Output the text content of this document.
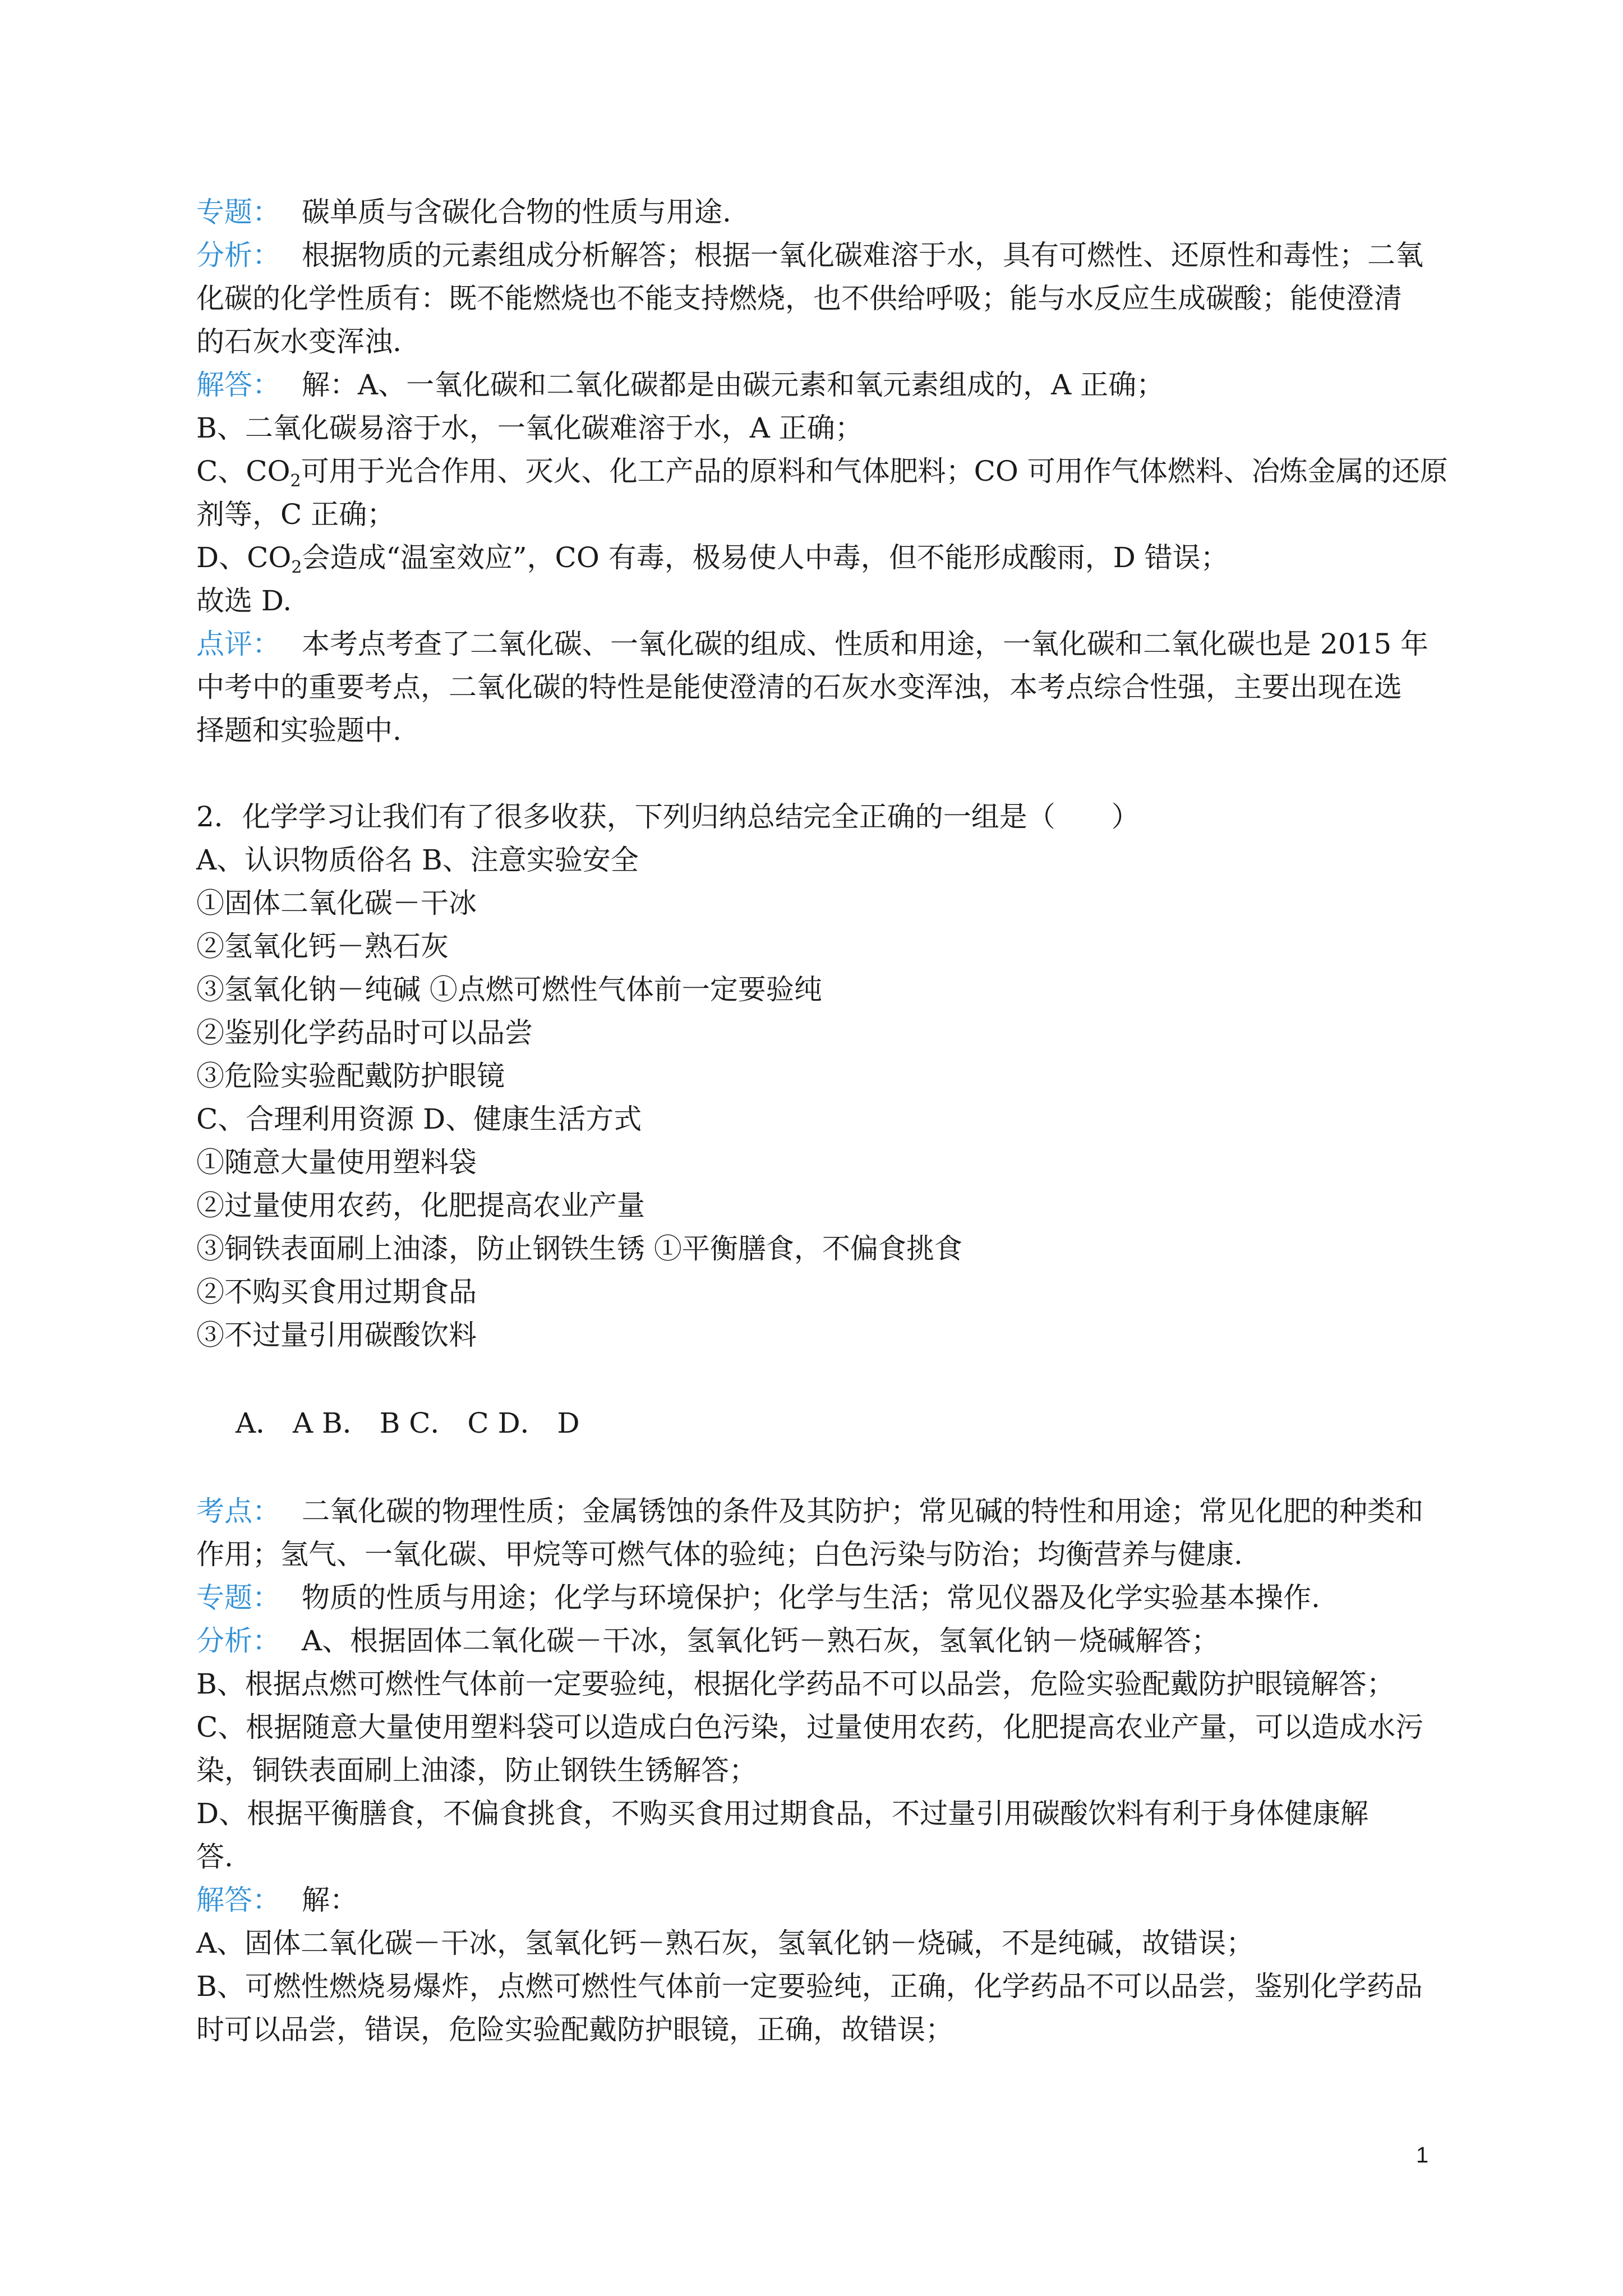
专题： 碳单质与含碳化合物的性质与用途.
分析： 根据物质的元素组成分析解答；根据一氧化碳难溶于水，具有可燃性、还原性和毒性；二氧
化碳的化学性质有：既不能燃烧也不能支持燃烧，也不供给呼吸；能与水反应生成碳酸；能使澄清
的石灰水变浑浊.
解答： 解：A、一氧化碳和二氧化碳都是由碳元素和氧元素组成的，A 正确；
B、二氧化碳易溶于水，一氧化碳难溶于水，A 正确；
C、$CO_2$可用于光合作用、灭火、化工产品的原料和气体肥料；CO 可用作气体燃料、冶炼金属的还原
剂等，C 正确；
D、$CO_2$会造成“温室效应”，CO 有毒，极易使人中毒，但不能形成酸雨，D 错误；
故选 D.
点评： 本考点考查了二氧化碳、一氧化碳的组成、性质和用途，一氧化碳和二氧化碳也是 2015 年
中考中的重要考点，二氧化碳的特性是能使澄清的石灰水变浑浊，本考点综合性强，主要出现在选
择题和实验题中.
2．化学学习让我们有了很多收获，下列归纳总结完全正确的一组是（　　）
A、认识物质俗名 B、注意实验安全
①固体二氧化碳－干冰
②氢氧化钙－熟石灰
③氢氧化钠－纯碱 ①点燃可燃性气体前一定要验纯
②鉴别化学药品时可以品尝
③危险实验配戴防护眼镜
C、合理利用资源 D、健康生活方式
①随意大量使用塑料袋
②过量使用农药，化肥提高农业产量
③铜铁表面刷上油漆，防止钢铁生锈 ①平衡膳食，不偏食挑食
②不购买食用过期食品
③不过量引用碳酸饮料
A． A B． B C． C D． D
考点： 二氧化碳的物理性质；金属锈蚀的条件及其防护；常见碱的特性和用途；常见化肥的种类和
作用；氢气、一氧化碳、甲烷等可燃气体的验纯；白色污染与防治；均衡营养与健康.
专题： 物质的性质与用途；化学与环境保护；化学与生活；常见仪器及化学实验基本操作.
分析： A、根据固体二氧化碳－干冰，氢氧化钙－熟石灰，氢氧化钠－烧碱解答；
B、根据点燃可燃性气体前一定要验纯，根据化学药品不可以品尝，危险实验配戴防护眼镜解答；
C、根据随意大量使用塑料袋可以造成白色污染，过量使用农药，化肥提高农业产量，可以造成水污
染，铜铁表面刷上油漆，防止钢铁生锈解答；
D、根据平衡膳食，不偏食挑食，不购买食用过期食品，不过量引用碳酸饮料有利于身体健康解
答.
解答： 解：
A、固体二氧化碳－干冰，氢氧化钙－熟石灰，氢氧化钠－烧碱，不是纯碱，故错误；
B、可燃性燃烧易爆炸，点燃可燃性气体前一定要验纯，正确，化学药品不可以品尝，鉴别化学药品
时可以品尝，错误，危险实验配戴防护眼镜，正确，故错误；
1
